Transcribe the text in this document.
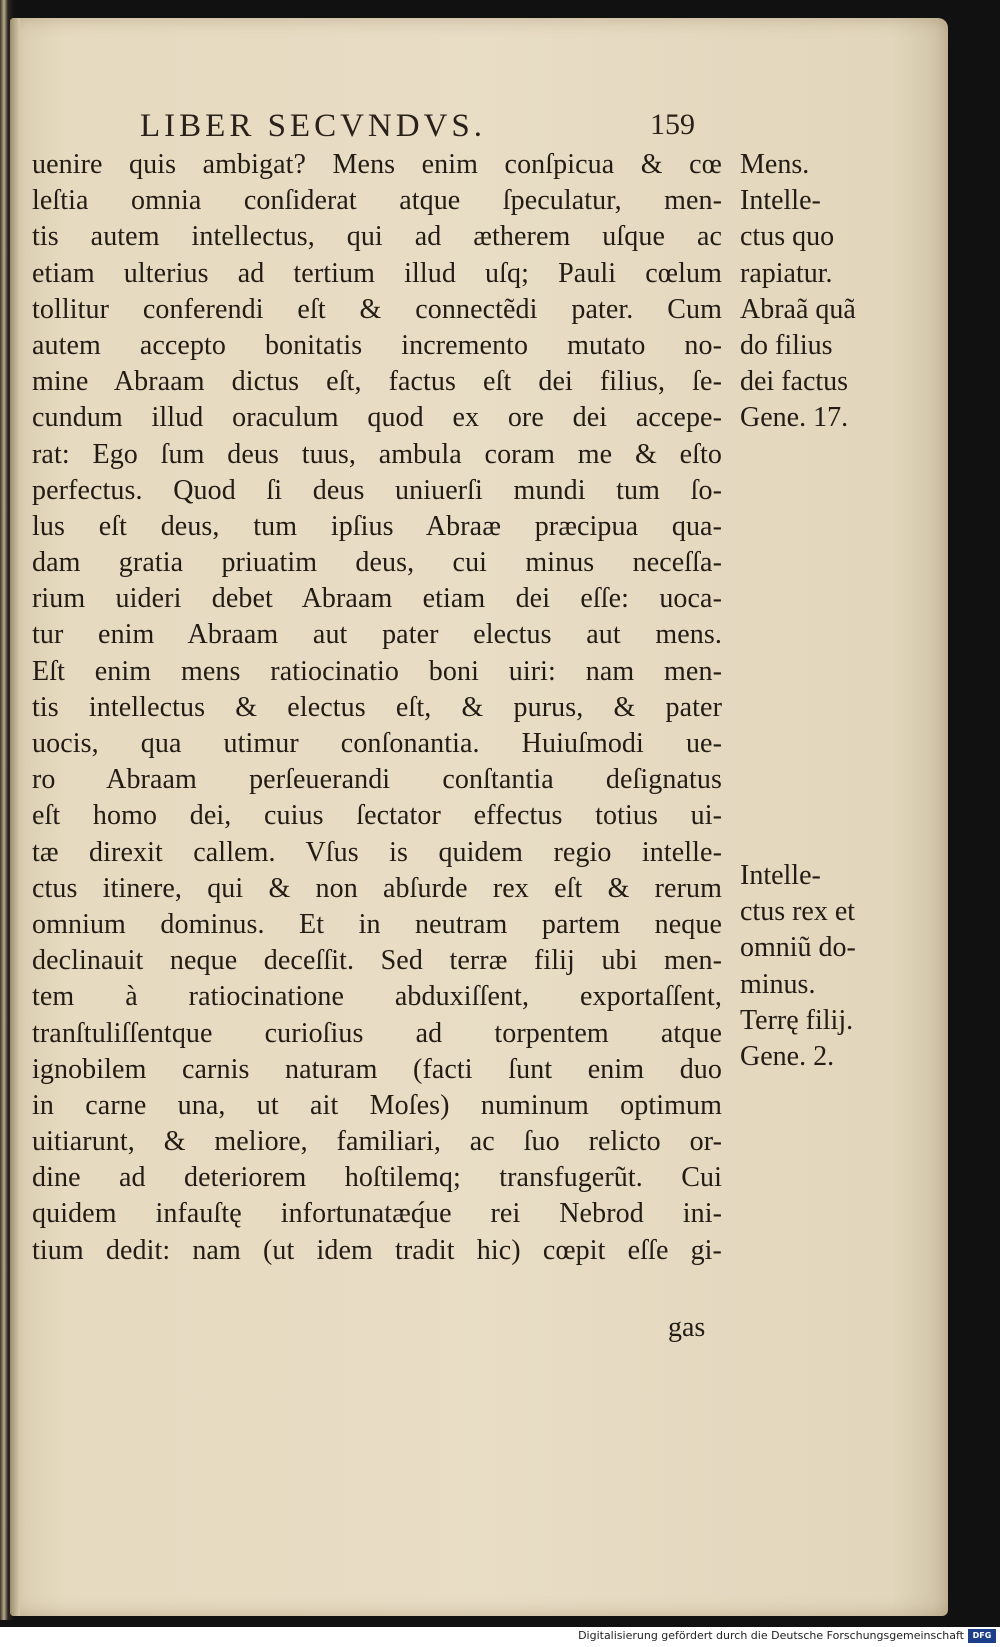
LIBER SECVNDVS.	159
uenire quis ambigat? Mens enim conſpicua & cœ
leſtia omnia conſiderat atque ſpeculatur, men-
tis autem intellectus, qui ad ætherem uſque ac
etiam ulterius ad tertium illud uſq; Pauli cœlum
tollitur conferendi eſt & connectẽdi pater. Cum
autem accepto bonitatis incremento mutato no-
mine Abraam dictus eſt, factus eſt dei filius, ſe-
cundum illud oraculum quod ex ore dei accepe-
rat: Ego ſum deus tuus, ambula coram me & eſto
perfectus. Quod ſi deus uniuerſi mundi tum ſo-
lus eſt deus, tum ipſius Abraæ præcipua qua-
dam gratia priuatim deus, cui minus neceſſa-
rium uideri debet Abraam etiam dei eſſe: uoca-
tur enim Abraam aut pater electus aut mens.
Eſt enim mens ratiocinatio boni uiri: nam men-
tis intellectus & electus eſt, & purus, & pater
uocis, qua utimur conſonantia. Huiuſmodi ue-
ro Abraam perſeuerandi conſtantia deſignatus
eſt homo dei, cuius ſectator effectus totius ui-
tæ direxit callem. Vſus is quidem regio intelle-
ctus itinere, qui & non abſurde rex eſt & rerum
omnium dominus. Et in neutram partem neque
declinauit neque deceſſit. Sed terræ filij ubi men-
tem à ratiocinatione abduxiſſent, exportaſſent,
tranſtuliſſentque curioſius ad torpentem atque
ignobilem carnis naturam (facti ſunt enim duo
in carne una, ut ait Moſes) numinum optimum
uitiarunt, & meliore, familiari, ac ſuo relicto or-
dine ad deteriorem hoſtilemq; transfugerũt. Cui
quidem infauſtę infortunatæq́ue rei Nebrod ini-
tium dedit: nam (ut idem tradit hic) cœpit eſſe gi-
gas
Mens.
Intelle-
ctus quo
rapiatur.
Abraã quã
do filius
dei factus
Gene. 17.
Intelle-
ctus rex et
omniũ do-
minus.
Terrę filij.
Gene. 2.
Digitalisierung gefördert durch die Deutsche Forschungsgemeinschaft	DFG
